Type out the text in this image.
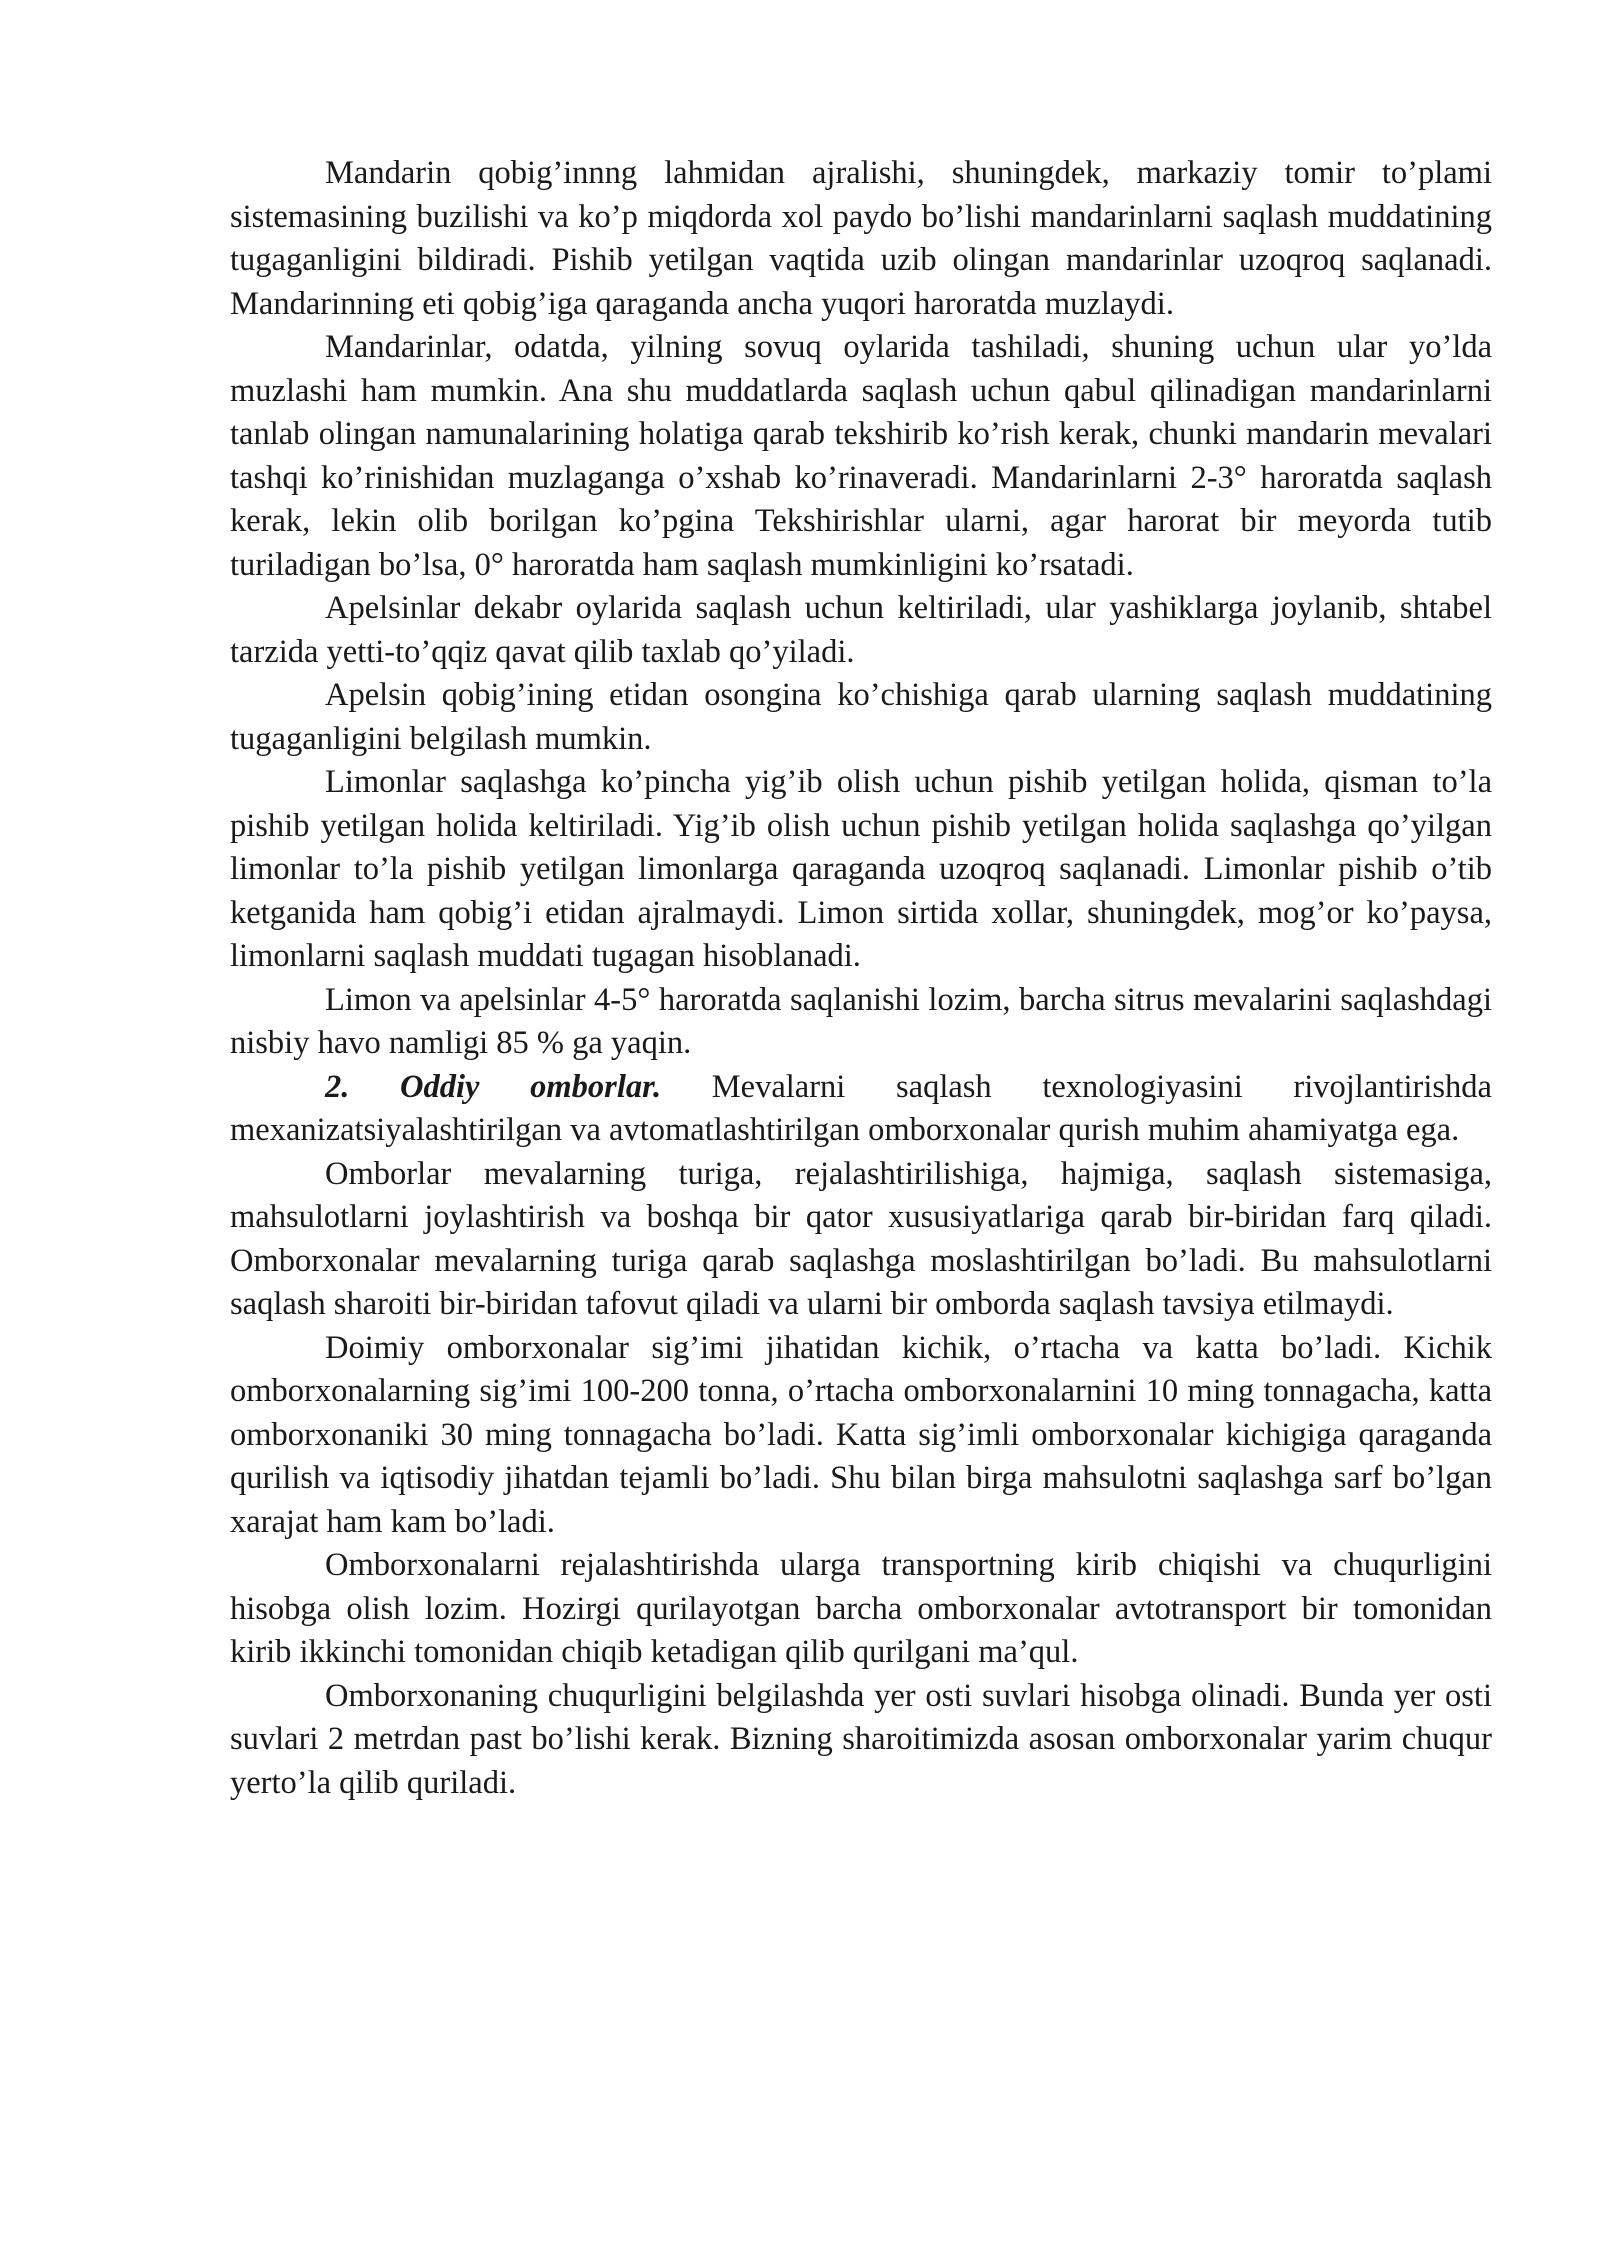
Mandarin qobig’innng lahmidan ajralishi, shuningdek, markaziy tomir to’plami sistemasining buzilishi va ko’p miqdorda xol paydo bo’lishi mandarinlarni saqlash muddatining tugaganligini bildiradi. Pishib yetilgan vaqtida uzib olingan mandarinlar uzoqroq saqlanadi. Mandarinning eti qobig’iga qaraganda ancha yuqori haroratda muzlaydi.

Mandarinlar, odatda, yilning sovuq oylarida tashiladi, shuning uchun ular yo’lda muzlashi ham mumkin. Ana shu muddatlarda saqlash uchun qabul qilinadigan mandarinlarni tanlab olingan namunalarining holatiga qarab tekshirib ko’rish kerak, chunki mandarin mevalari tashqi ko’rinishidan muzlaganga o’xshab ko’rinaveradi. Mandarinlarni 2-3° haroratda saqlash kerak, lekin olib borilgan ko’pgina Tekshirishlar ularni, agar harorat bir meyorda tutib turiladigan bo’lsa, 0° haroratda ham saqlash mumkinligini ko’rsatadi.

Apelsinlar dekabr oylarida saqlash uchun keltiriladi, ular yashiklarga joylanib, shtabel tarzida yetti-to’qqiz qavat qilib taxlab qo’yiladi.

Apelsin qobig’ining etidan osongina ko’chishiga qarab ularning saqlash muddatining tugaganligini belgilash mumkin.

Limonlar saqlashga ko’pincha yig’ib olish uchun pishib yetilgan holida, qisman to’la pishib yetilgan holida keltiriladi. Yig’ib olish uchun pishib yetilgan holida saqlashga qo’yilgan limonlar to’la pishib yetilgan limonlarga qaraganda uzoqroq saqlanadi. Limonlar pishib o’tib ketganida ham qobig’i etidan ajralmaydi. Limon sirtida xollar, shuningdek, mog’or ko’paysa, limonlarni saqlash muddati tugagan hisoblanadi.

Limon va apelsinlar 4-5° haroratda saqlanishi lozim, barcha sitrus mevalarini saqlashdagi nisbiy havo namligi 85 % ga yaqin.

2. Oddiy omborlar. Mevalarni saqlash texnologiyasini rivojlantirishda mexanizatsiyalashtirilgan va avtomatlashtirilgan omborxonalar qurish muhim ahamiyatga ega.

Omborlar mevalarning turiga, rejalashtirilishiga, hajmiga, saqlash sistemasiga, mahsulotlarni joylashtirish va boshqa bir qator xususiyatlariga qarab bir-biridan farq qiladi. Omborxonalar mevalarning turiga qarab saqlashga moslashtirilgan bo’ladi. Bu mahsulotlarni saqlash sharoiti bir-biridan tafovut qiladi va ularni bir omborda saqlash tavsiya etilmaydi.

Doimiy omborxonalar sig’imi jihatidan kichik, o’rtacha va katta bo’ladi. Kichik omborxonalarning sig’imi 100-200 tonna, o’rtacha omborxonalarnini 10 ming tonnagacha, katta omborxonaniki 30 ming tonnagacha bo’ladi. Katta sig’imli omborxonalar kichigiga qaraganda qurilish va iqtisodiy jihatdan tejamli bo’ladi. Shu bilan birga mahsulotni saqlashga sarf bo’lgan xarajat ham kam bo’ladi.

Omborxonalarni rejalashtirishda ularga transportning kirib chiqishi va chuqurligini hisobga olish lozim. Hozirgi qurilayotgan barcha omborxonalar avtotransport bir tomonidan kirib ikkinchi tomonidan chiqib ketadigan qilib qurilgani ma’qul.

Omborxonaning chuqurligini belgilashda yer osti suvlari hisobga olinadi. Bunda yer osti suvlari 2 metrdan past bo’lishi kerak. Bizning sharoitimizda asosan omborxonalar yarim chuqur yerto’la qilib quriladi.
